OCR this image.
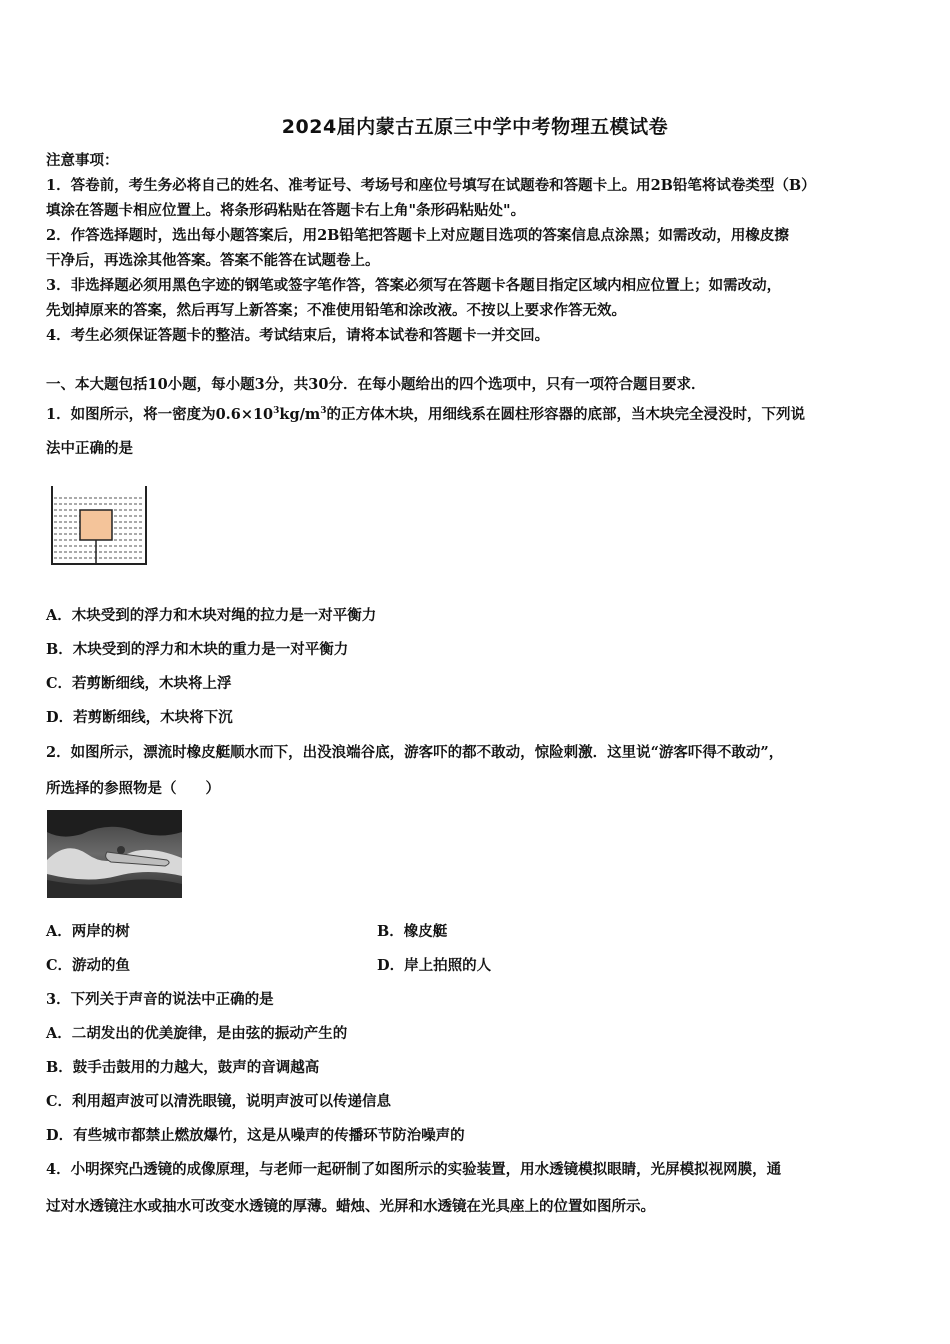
2024届内蒙古五原三中学中考物理五模试卷
注意事项：
1．答卷前，考生务必将自己的姓名、准考证号、考场号和座位号填写在试题卷和答题卡上。用2B铅笔将试卷类型（B）
填涂在答题卡相应位置上。将条形码粘贴在答题卡右上角"条形码粘贴处"。
2．作答选择题时，选出每小题答案后，用2B铅笔把答题卡上对应题目选项的答案信息点涂黑；如需改动，用橡皮擦
干净后，再选涂其他答案。答案不能答在试题卷上。
3．非选择题必须用黑色字迹的钢笔或签字笔作答，答案必须写在答题卡各题目指定区域内相应位置上；如需改动，
先划掉原来的答案，然后再写上新答案；不准使用铅笔和涂改液。不按以上要求作答无效。
4．考生必须保证答题卡的整洁。考试结束后，请将本试卷和答题卡一并交回。
一、本大题包括10小题，每小题3分，共30分．在每小题给出的四个选项中，只有一项符合题目要求．
1．如图所示，将一密度为$0.6\times 10^3kg/m^3$的正方体木块，用细线系在圆柱形容器的底部，当木块完全浸没时，下列说
法中正确的是
A．木块受到的浮力和木块对绳的拉力是一对平衡力
B．木块受到的浮力和木块的重力是一对平衡力
C．若剪断细线，木块将上浮
D．若剪断细线，木块将下沉
2．如图所示，漂流时橡皮艇顺水而下，出没浪端谷底，游客吓的都不敢动，惊险刺激．这里说“游客吓得不敢动”，
所选择的参照物是（　　）
A．两岸的树	B．橡皮艇
C．游动的鱼	D．岸上拍照的人
3．下列关于声音的说法中正确的是
A．二胡发出的优美旋律，是由弦的振动产生的
B．鼓手击鼓用的力越大，鼓声的音调越高
C．利用超声波可以清洗眼镜，说明声波可以传递信息
D．有些城市都禁止燃放爆竹，这是从噪声的传播环节防治噪声的
4．小明探究凸透镜的成像原理，与老师一起研制了如图所示的实验装置，用水透镜模拟眼睛，光屏模拟视网膜，通
过对水透镜注水或抽水可改变水透镜的厚薄。蜡烛、光屏和水透镜在光具座上的位置如图所示。
